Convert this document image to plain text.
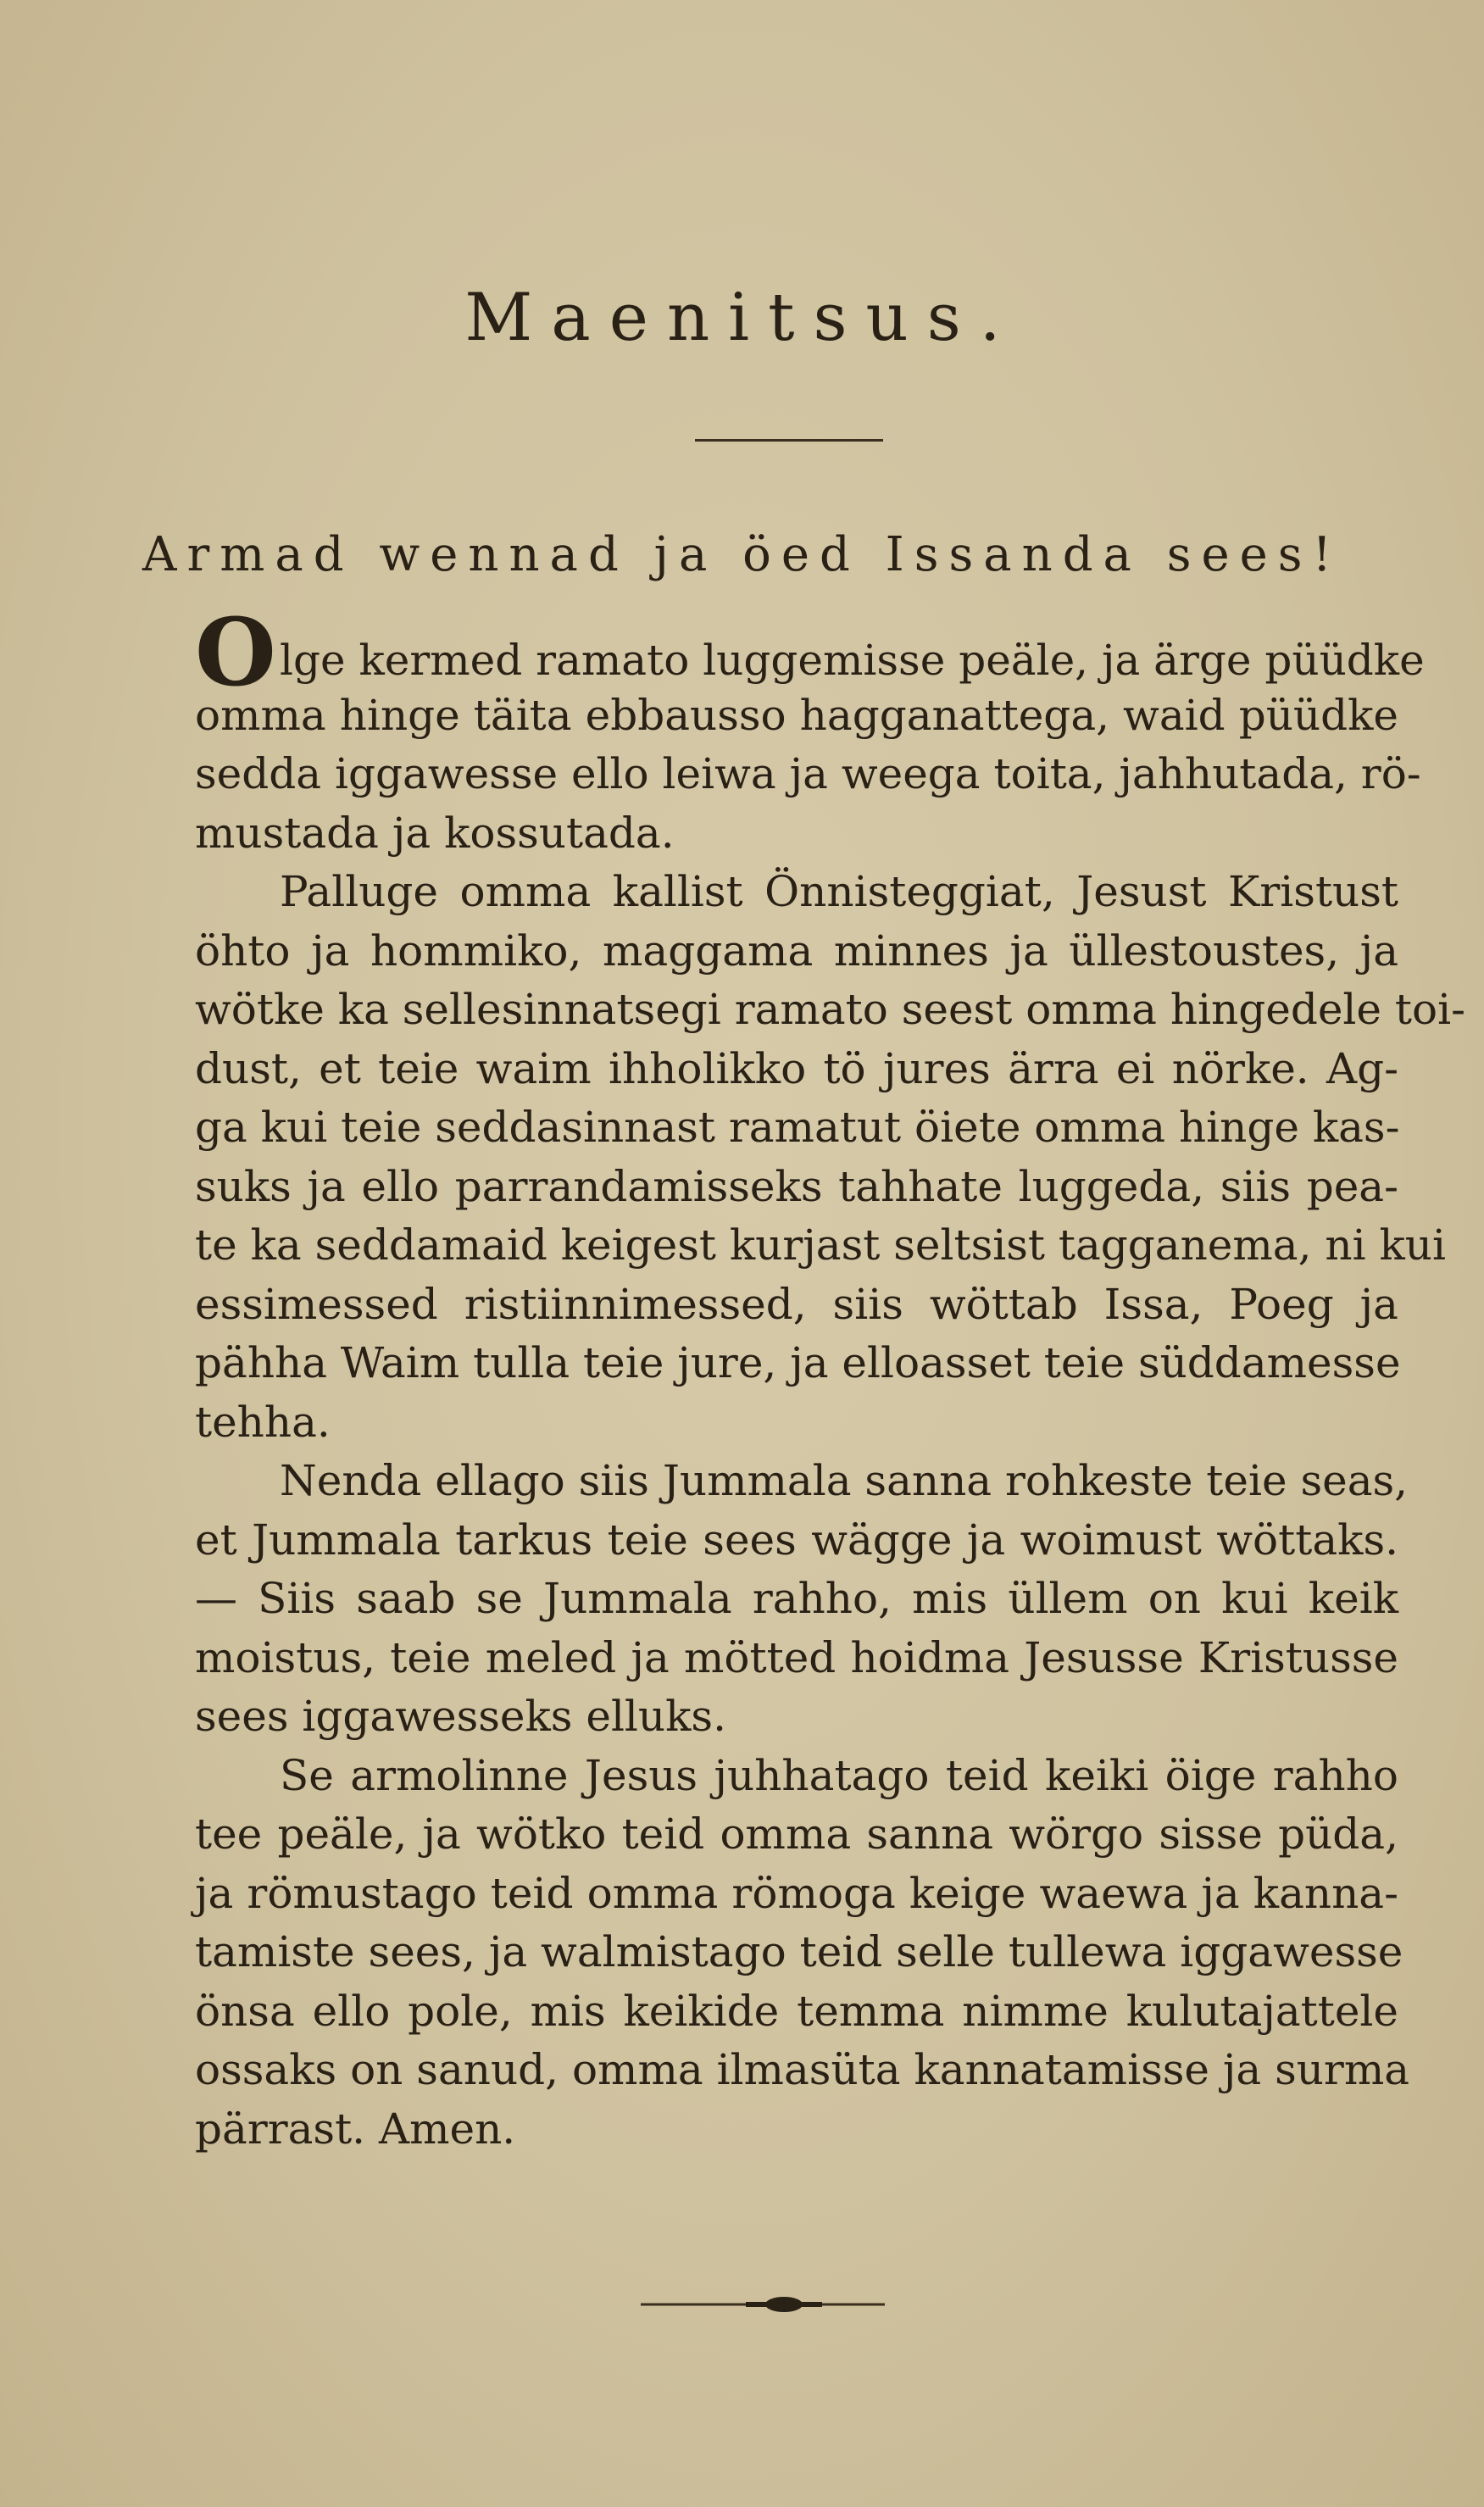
Maenitsus.
Armad wennad ja öed Issanda sees!
Olge kermed ramato luggemisse peäle, ja ärge püüdke
omma hinge täita ebbausso hagganattega, waid püüdke
sedda iggawesse ello leiwa ja weega toita, jahhutada, rö-
mustada ja kossutada.
Palluge omma kallist Önnisteggiat, Jesust Kristust
öhto ja hommiko, maggama minnes ja üllestoustes, ja
wötke ka sellesinnatsegi ramato seest omma hingedele toi-
dust, et teie waim ihholikko tö jures ärra ei nörke. Ag-
ga kui teie seddasinnast ramatut öiete omma hinge kas-
suks ja ello parrandamisseks tahhate luggeda, siis pea-
te ka seddamaid keigest kurjast seltsist tagganema, ni kui
essimessed ristiinnimessed, siis wöttab Issa, Poeg ja
pähha Waim tulla teie jure, ja elloasset teie süddamesse
tehha.
Nenda ellago siis Jummala sanna rohkeste teie seas,
et Jummala tarkus teie sees wägge ja woimust wöttaks.
— Siis saab se Jummala rahho, mis üllem on kui keik
moistus, teie meled ja mötted hoidma Jesusse Kristusse
sees iggawesseks elluks.
Se armolinne Jesus juhhatago teid keiki öige rahho
tee peäle, ja wötko teid omma sanna wörgo sisse püda,
ja römustago teid omma römoga keige waewa ja kanna-
tamiste sees, ja walmistago teid selle tullewa iggawesse
önsa ello pole, mis keikide temma nimme kulutajattele
ossaks on sanud, omma ilmasüta kannatamisse ja surma
pärrast. Amen.
